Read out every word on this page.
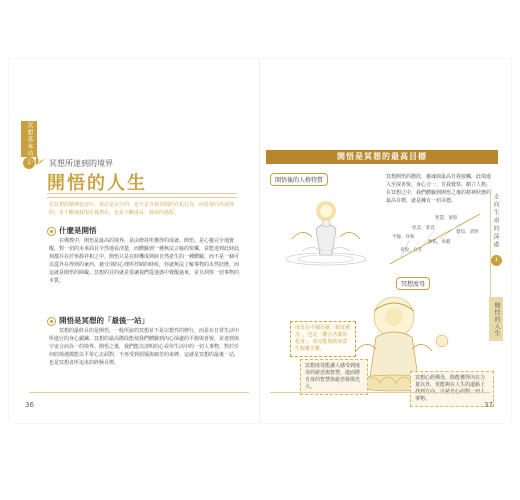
冥想基本功
1	冥想所達到的境界
開悟的人生
在冥想的精神旅途中，我必是完全的，也不是自我封閉的自私行為，而是要向外延伸的；是不斷地發現自我潛在，也是不斷成長、發展的過程。
什麼是開悟
在佛教中，開悟是最高的境界，是由修持所獲得的成就。開悟，是心靈完全地覺醒，對一切的本來面目全然地看清楚，而體驗到一種無法言喻的快樂，並能達到此時此刻都存在於寧靜祥和之中。開悟只是在時機成熟時自然產生的一種體驗，而不是一個可以從外在得到的東西。被分別的心理所控制的時候，你就無法了解事物的本然狀態，而這就是開悟的障礙。冥想的目的就是要讓我們從迷惑中覺醒過來，並且洞察一切事物的本質。
開悟是冥想的「最後一站」
冥想的最終目的是開悟。一般所說的冥想並不是宗教性的修行，而是在日常生活中所進行的身心鍛鍊。冥想的最高階段能使我們體驗到內心深處的平靜與喜悅，並達到與宇宙合而為一的境界。開悟之後，我們能以清明的心看待生活中的一切人事物，對於任何的境遇都能以平常心去面對，不再受到煩惱與痛苦的束縛。這就是冥想的最後一站，也是冥想者所追求的終極目標。
36
開悟是冥想的最高目標
開悟後的人格特質	冥想開悟的階段，靈魂與最高自我接觸，此境進入至深喜悅、身心合一、自我覺察，樹立人格。在冥想之中，我們體驗到開悟之後的精神狀態的最高目標，就是擁有一切美德。
平靜、祥和
慈悲、寬容
智慧、洞察
喜悅、自在
無私、奉獻
覺知、清明
冥想度母
度母在中國俗稱「救度佛母」，也是「觀音菩薩的化身」。度母能夠救度眾生脫離苦難。
冥想度母能讓人感受到度母的慈悲與智慧，進而將自身的智慧與慈悲發揚光大。
冥想心經佛母，除能獲得內在力量以外，更能夠在人生的道路上 事物。
走向生命的深處
1
開悟的人生
37
